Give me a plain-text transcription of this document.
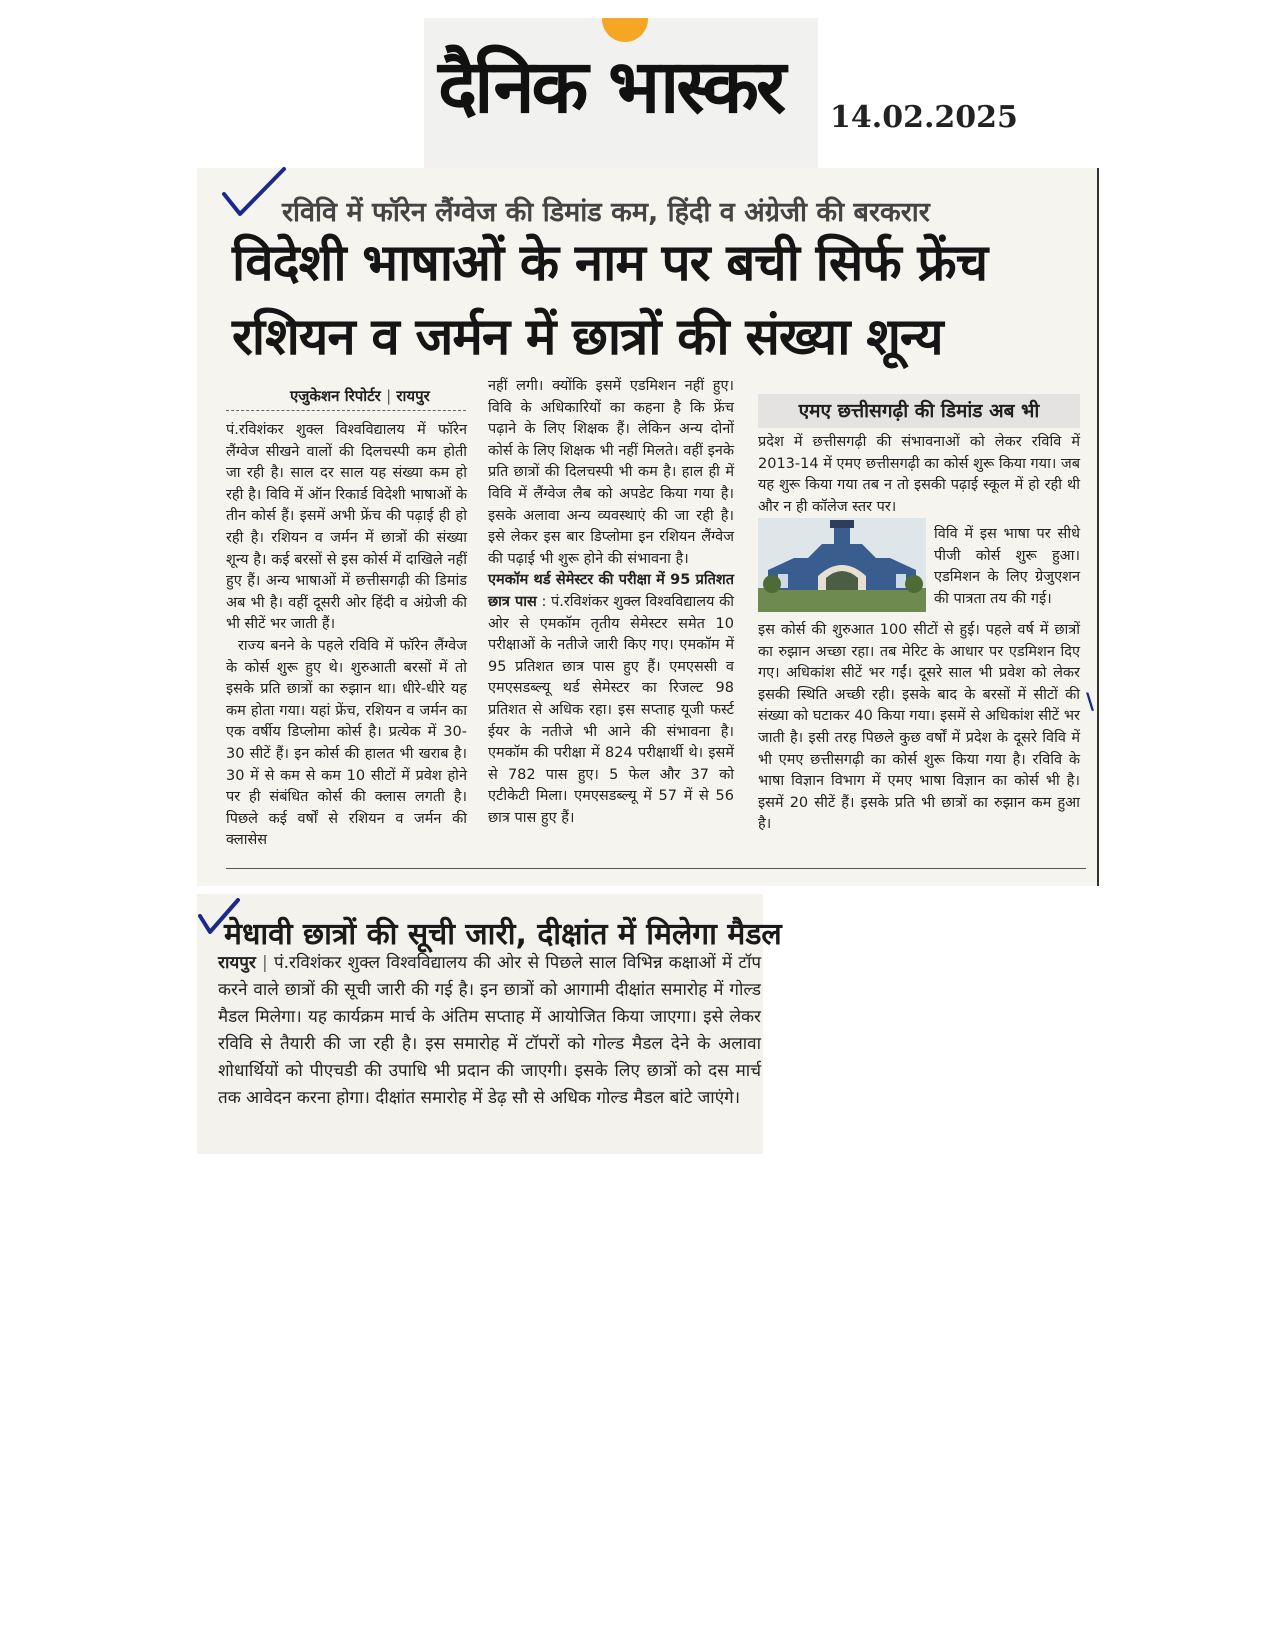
दैनिक भास्कर 14.02.2025
रविवि में फॉरेन लैंग्वेज की डिमांड कम, हिंदी व अंग्रेजी की बरकरार
विदेशी भाषाओं के नाम पर बची सिर्फ फ्रेंच
रशियन व जर्मन में छात्रों की संख्या शून्य
एजुकेशन रिपोर्टर | रायपुर

पं.रविशंकर शुक्ल विश्वविद्यालय में फॉरेन लैंग्वेज सीखने वालों की दिलचस्पी कम होती जा रही है। साल दर साल यह संख्या कम हो रही है। विवि में ऑन रिकार्ड विदेशी भाषाओं के तीन कोर्स हैं। इसमें अभी फ्रेंच की पढ़ाई ही हो रही है। रशियन व जर्मन में छात्रों की संख्या शून्य है। कई बरसों से इस कोर्स में दाखिले नहीं हुए हैं। अन्य भाषाओं में छत्तीसगढ़ी की डिमांड अब भी है। वहीं दूसरी ओर हिंदी व अंग्रेजी की भी सीटें भर जाती हैं।

राज्य बनने के पहले रविवि में फॉरेन लैंग्वेज के कोर्स शुरू हुए थे। शुरुआती बरसों में तो इसके प्रति छात्रों का रुझान था। धीरे-धीरे यह कम होता गया। यहां फ्रेंच, रशियन व जर्मन का एक वर्षीय डिप्लोमा कोर्स है। प्रत्येक में 30-30 सीटें हैं। इन कोर्स की हालत भी खराब है। 30 में से कम से कम 10 सीटों में प्रवेश होने पर ही संबंधित कोर्स की क्लास लगती है। पिछले कई वर्षों से रशियन व जर्मन की क्लासेस

नहीं लगी। क्योंकि इसमें एडमिशन नहीं हुए। विवि के अधिकारियों का कहना है कि फ्रेंच पढ़ाने के लिए शिक्षक हैं। लेकिन अन्य दोनों कोर्स के लिए शिक्षक भी नहीं मिलते। वहीं इनके प्रति छात्रों की दिलचस्पी भी कम है। हाल ही में विवि में लैंग्वेज लैब को अपडेट किया गया है। इसके अलावा अन्य व्यवस्थाएं की जा रही है। इसे लेकर इस बार डिप्लोमा इन रशियन लैंग्वेज की पढ़ाई भी शुरू होने की संभावना है।

एमकॉम थर्ड सेमेस्टर की परीक्षा में 95 प्रतिशत छात्र पास : पं.रविशंकर शुक्ल विश्वविद्यालय की ओर से एमकॉम तृतीय सेमेस्टर समेत 10 परीक्षाओं के नतीजे जारी किए गए। एमकॉम में 95 प्रतिशत छात्र पास हुए हैं। एमएससी व एमएसडब्ल्यू थर्ड सेमेस्टर का रिजल्ट 98 प्रतिशत से अधिक रहा। इस सप्ताह यूजी फर्स्ट ईयर के नतीजे भी आने की संभावना है। एमकॉम की परीक्षा में 824 परीक्षार्थी थे। इसमें से 782 पास हुए। 5 फेल और 37 को एटीकेटी मिला। एमएसडब्ल्यू में 57 में से 56 छात्र पास हुए हैं।

एमए छत्तीसगढ़ी की डिमांड अब भी

प्रदेश में छत्तीसगढ़ी की संभावनाओं को लेकर रविवि में 2013-14 में एमए छत्तीसगढ़ी का कोर्स शुरू किया गया। जब यह शुरू किया गया तब न तो इसकी पढ़ाई स्कूल में हो रही थी और न ही कॉलेज स्तर पर।

विवि में इस भाषा पर सीधे पीजी कोर्स शुरू हुआ। एडमिशन के लिए ग्रेजुएशन की पात्रता तय की गई।

इस कोर्स की शुरुआत 100 सीटों से हुई। पहले वर्ष में छात्रों का रुझान अच्छा रहा। तब मेरिट के आधार पर एडमिशन दिए गए। अधिकांश सीटें भर गईं। दूसरे साल भी प्रवेश को लेकर इसकी स्थिति अच्छी रही। इसके बाद के बरसों में सीटों की संख्या को घटाकर 40 किया गया। इसमें से अधिकांश सीटें भर जाती है। इसी तरह पिछले कुछ वर्षों में प्रदेश के दूसरे विवि में भी एमए छत्तीसगढ़ी का कोर्स शुरू किया गया है। रविवि के भाषा विज्ञान विभाग में एमए भाषा विज्ञान का कोर्स भी है। इसमें 20 सीटें हैं। इसके प्रति भी छात्रों का रुझान कम हुआ है।

\
मेधावी छात्रों की सूची जारी, दीक्षांत में मिलेगा मैडल

रायपुर | पं.रविशंकर शुक्ल विश्वविद्यालय की ओर से पिछले साल विभिन्न कक्षाओं में टॉप करने वाले छात्रों की सूची जारी की गई है। इन छात्रों को आगामी दीक्षांत समारोह में गोल्ड मैडल मिलेगा। यह कार्यक्रम मार्च के अंतिम सप्ताह में आयोजित किया जाएगा। इसे लेकर रविवि से तैयारी की जा रही है। इस समारोह में टॉपरों को गोल्ड मैडल देने के अलावा शोधार्थियों को पीएचडी की उपाधि भी प्रदान की जाएगी। इसके लिए छात्रों को दस मार्च तक आवेदन करना होगा। दीक्षांत समारोह में डेढ़ सौ से अधिक गोल्ड मैडल बांटे जाएंगे।
